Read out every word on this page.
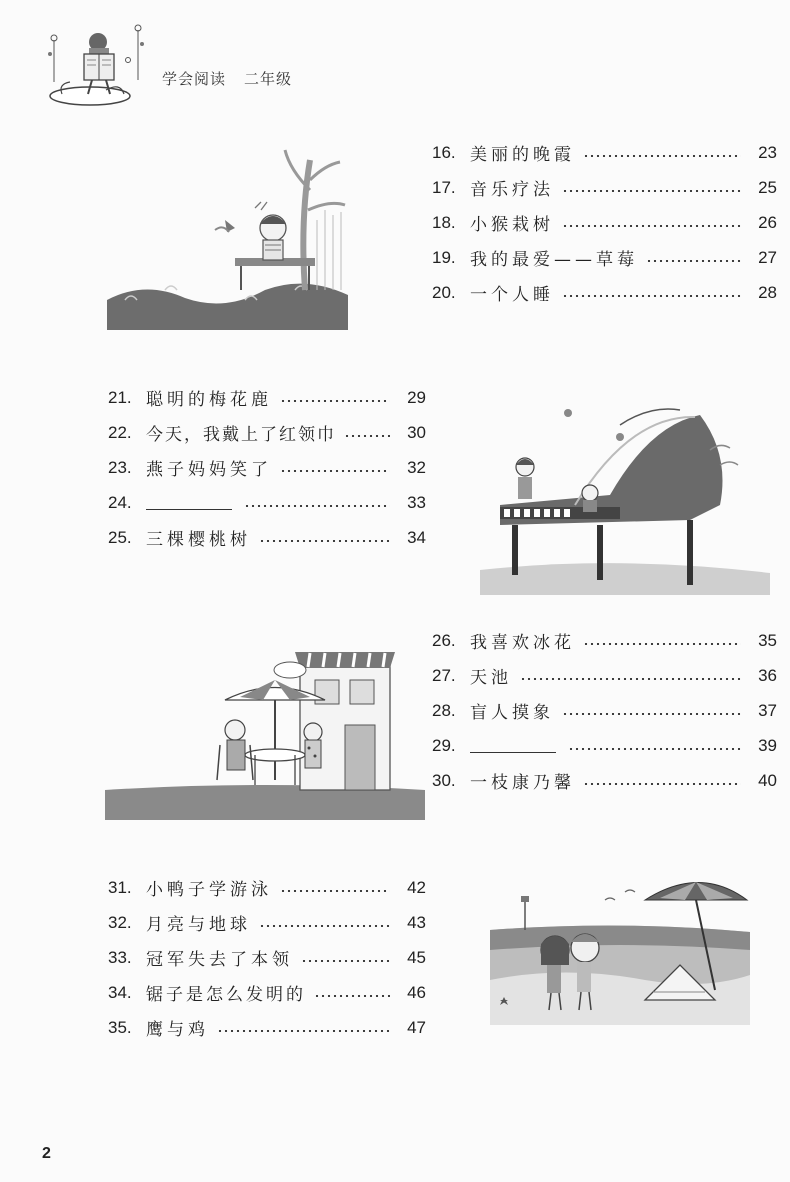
学会阅读 二年级
16. 美丽的晚霞	23
17. 音乐疗法	25
18. 小猴栽树	26
19. 我的最爱——草莓	27
20. 一个人睡	28
21. 聪明的梅花鹿	29
22. 今天，我戴上了红领巾	30
23. 燕子妈妈笑了	32
24.	33
25. 三棵樱桃树	34
26. 我喜欢冰花	35
27. 天池	36
28. 盲人摸象	37
29.	39
30. 一枝康乃馨	40
31. 小鸭子学游泳	42
32. 月亮与地球	43
33. 冠军失去了本领	45
34. 锯子是怎么发明的	46
35. 鹰与鸡	47
2
